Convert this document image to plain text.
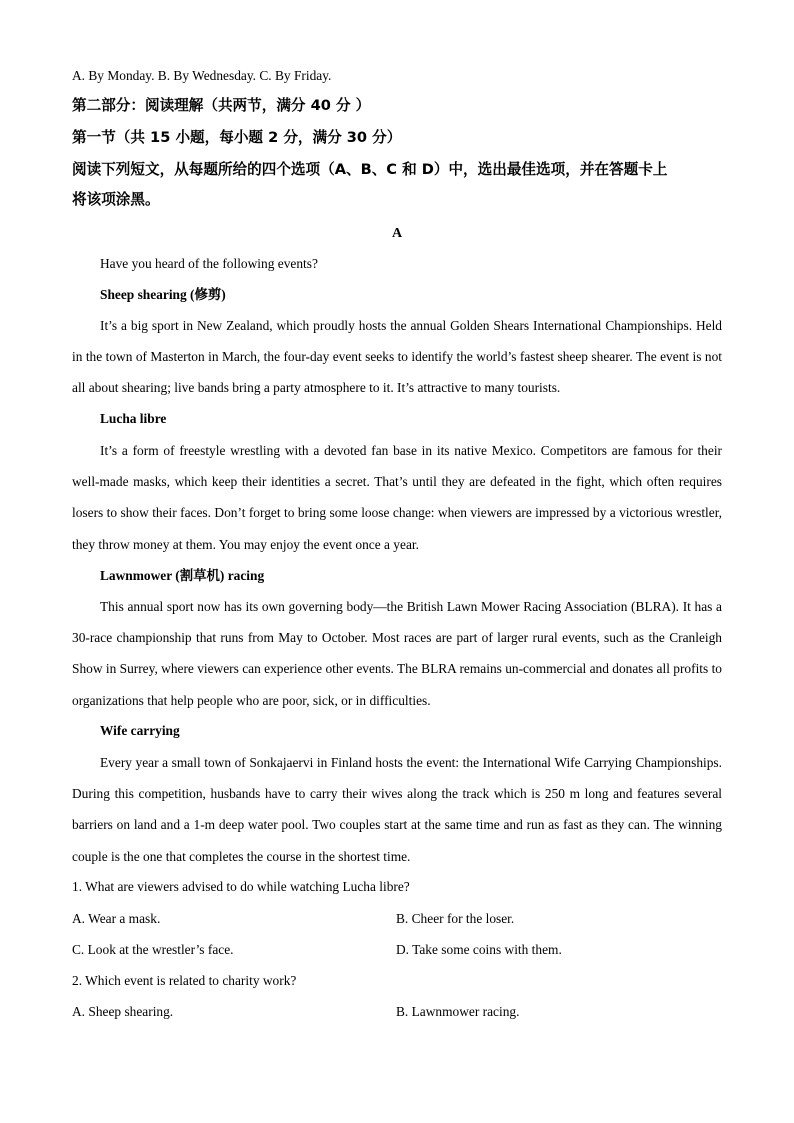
A. By Monday. B. By Wednesday. C. By Friday.
第二部分：阅读理解（共两节，满分 40 分 ）
第一节（共 15 小题，每小题 2 分，满分 30 分）
阅读下列短文，从每题所给的四个选项（A、B、C 和 D）中，选出最佳选项，并在答题卡上
将该项涂黑。
A
Have you heard of the following events?
Sheep shearing (修剪)
It’s a big sport in New Zealand, which proudly hosts the annual Golden Shears International Championships. Held in the town of Masterton in March, the four-day event seeks to identify the world’s fastest sheep shearer. The event is not all about shearing; live bands bring a party atmosphere to it. It’s attractive to many tourists.
Lucha libre
It’s a form of freestyle wrestling with a devoted fan base in its native Mexico. Competitors are famous for their well-made masks, which keep their identities a secret. That’s until they are defeated in the fight, which often requires losers to show their faces. Don’t forget to bring some loose change: when viewers are impressed by a victorious wrestler, they throw money at them. You may enjoy the event once a year.
Lawnmower (割草机) racing
This annual sport now has its own governing body—the British Lawn Mower Racing Association (BLRA). It has a 30-race championship that runs from May to October. Most races are part of larger rural events, such as the Cranleigh Show in Surrey, where viewers can experience other events. The BLRA remains un-commercial and donates all profits to organizations that help people who are poor, sick, or in difficulties.
Wife carrying
Every year a small town of Sonkajaervi in Finland hosts the event: the International Wife Carrying Championships. During this competition, husbands have to carry their wives along the track which is 250 m long and features several barriers on land and a 1-m deep water pool. Two couples start at the same time and run as fast as they can. The winning couple is the one that completes the course in the shortest time.
1. What are viewers advised to do while watching Lucha libre?
A. Wear a mask.	B. Cheer for the loser.
C. Look at the wrestler’s face.	D. Take some coins with them.
2. Which event is related to charity work?
A. Sheep shearing.	B. Lawnmower racing.
